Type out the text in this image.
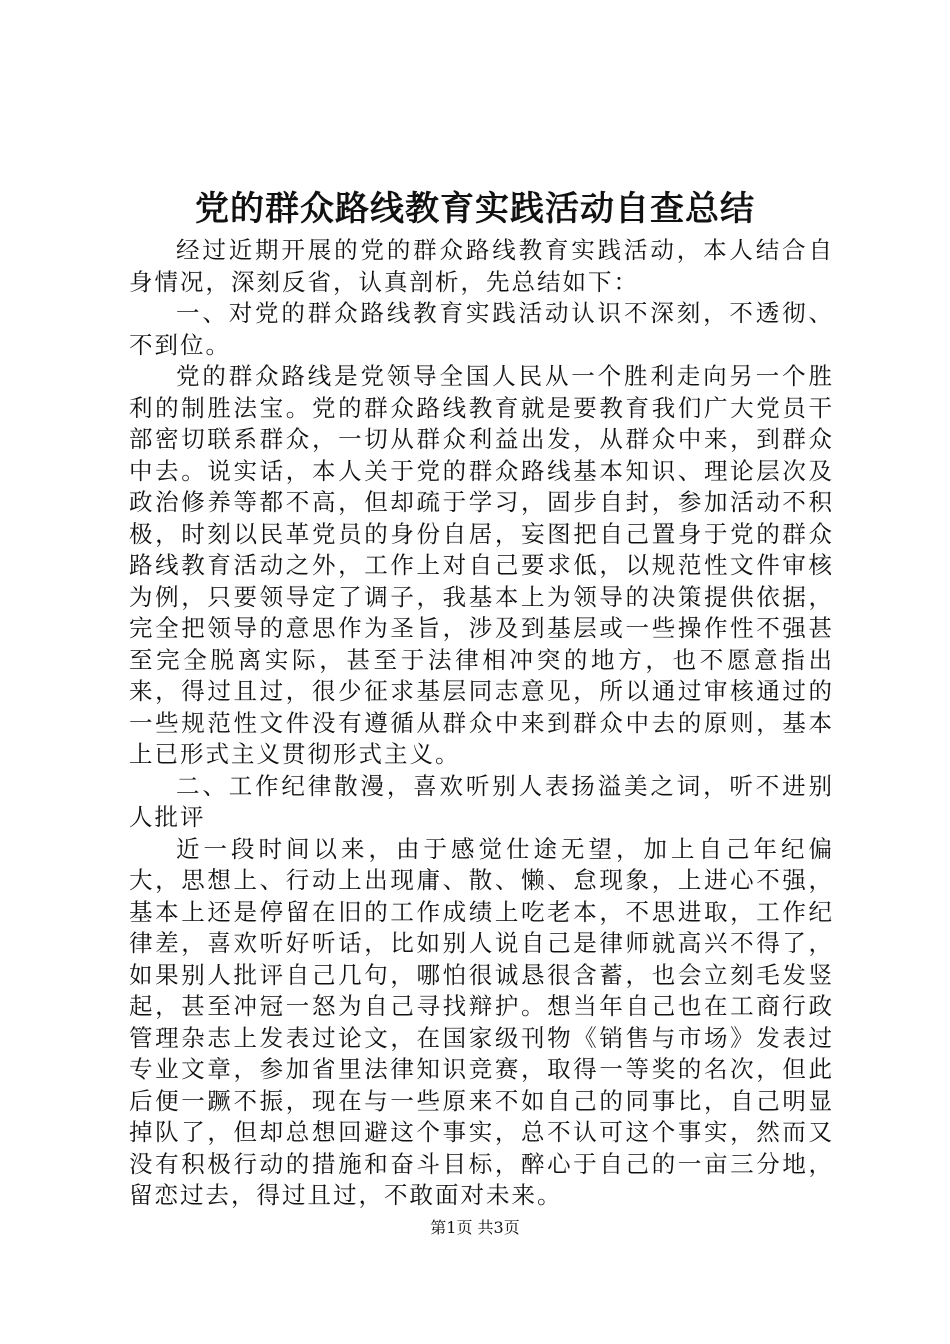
党的群众路线教育实践活动自查总结

经过近期开展的党的群众路线教育实践活动，本人结合自身情况，深刻反省，认真剖析，先总结如下：

一、对党的群众路线教育实践活动认识不深刻，不透彻、不到位。

党的群众路线是党领导全国人民从一个胜利走向另一个胜利的制胜法宝。党的群众路线教育就是要教育我们广大党员干部密切联系群众，一切从群众利益出发，从群众中来，到群众中去。说实话，本人关于党的群众路线基本知识、理论层次及政治修养等都不高，但却疏于学习，固步自封，参加活动不积极，时刻以民革党员的身份自居，妄图把自己置身于党的群众路线教育活动之外，工作上对自己要求低，以规范性文件审核为例，只要领导定了调子，我基本上为领导的决策提供依据，完全把领导的意思作为圣旨，涉及到基层或一些操作性不强甚至完全脱离实际，甚至于法律相冲突的地方，也不愿意指出来，得过且过，很少征求基层同志意见，所以通过审核通过的一些规范性文件没有遵循从群众中来到群众中去的原则，基本上已形式主义贯彻形式主义。

二、工作纪律散漫，喜欢听别人表扬溢美之词，听不进别人批评

近一段时间以来，由于感觉仕途无望，加上自己年纪偏大，思想上、行动上出现庸、散、懒、怠现象，上进心不强，基本上还是停留在旧的工作成绩上吃老本，不思进取，工作纪律差，喜欢听好听话，比如别人说自己是律师就高兴不得了，如果别人批评自己几句，哪怕很诚恳很含蓄，也会立刻毛发竖起，甚至冲冠一怒为自己寻找辩护。想当年自己也在工商行政管理杂志上发表过论文，在国家级刊物《销售与市场》发表过专业文章，参加省里法律知识竞赛，取得一等奖的名次，但此后便一蹶不振，现在与一些原来不如自己的同事比，自己明显掉队了，但却总想回避这个事实，总不认可这个事实，然而又没有积极行动的措施和奋斗目标，醉心于自己的一亩三分地，留恋过去，得过且过，不敢面对未来。

第1页 共3页
